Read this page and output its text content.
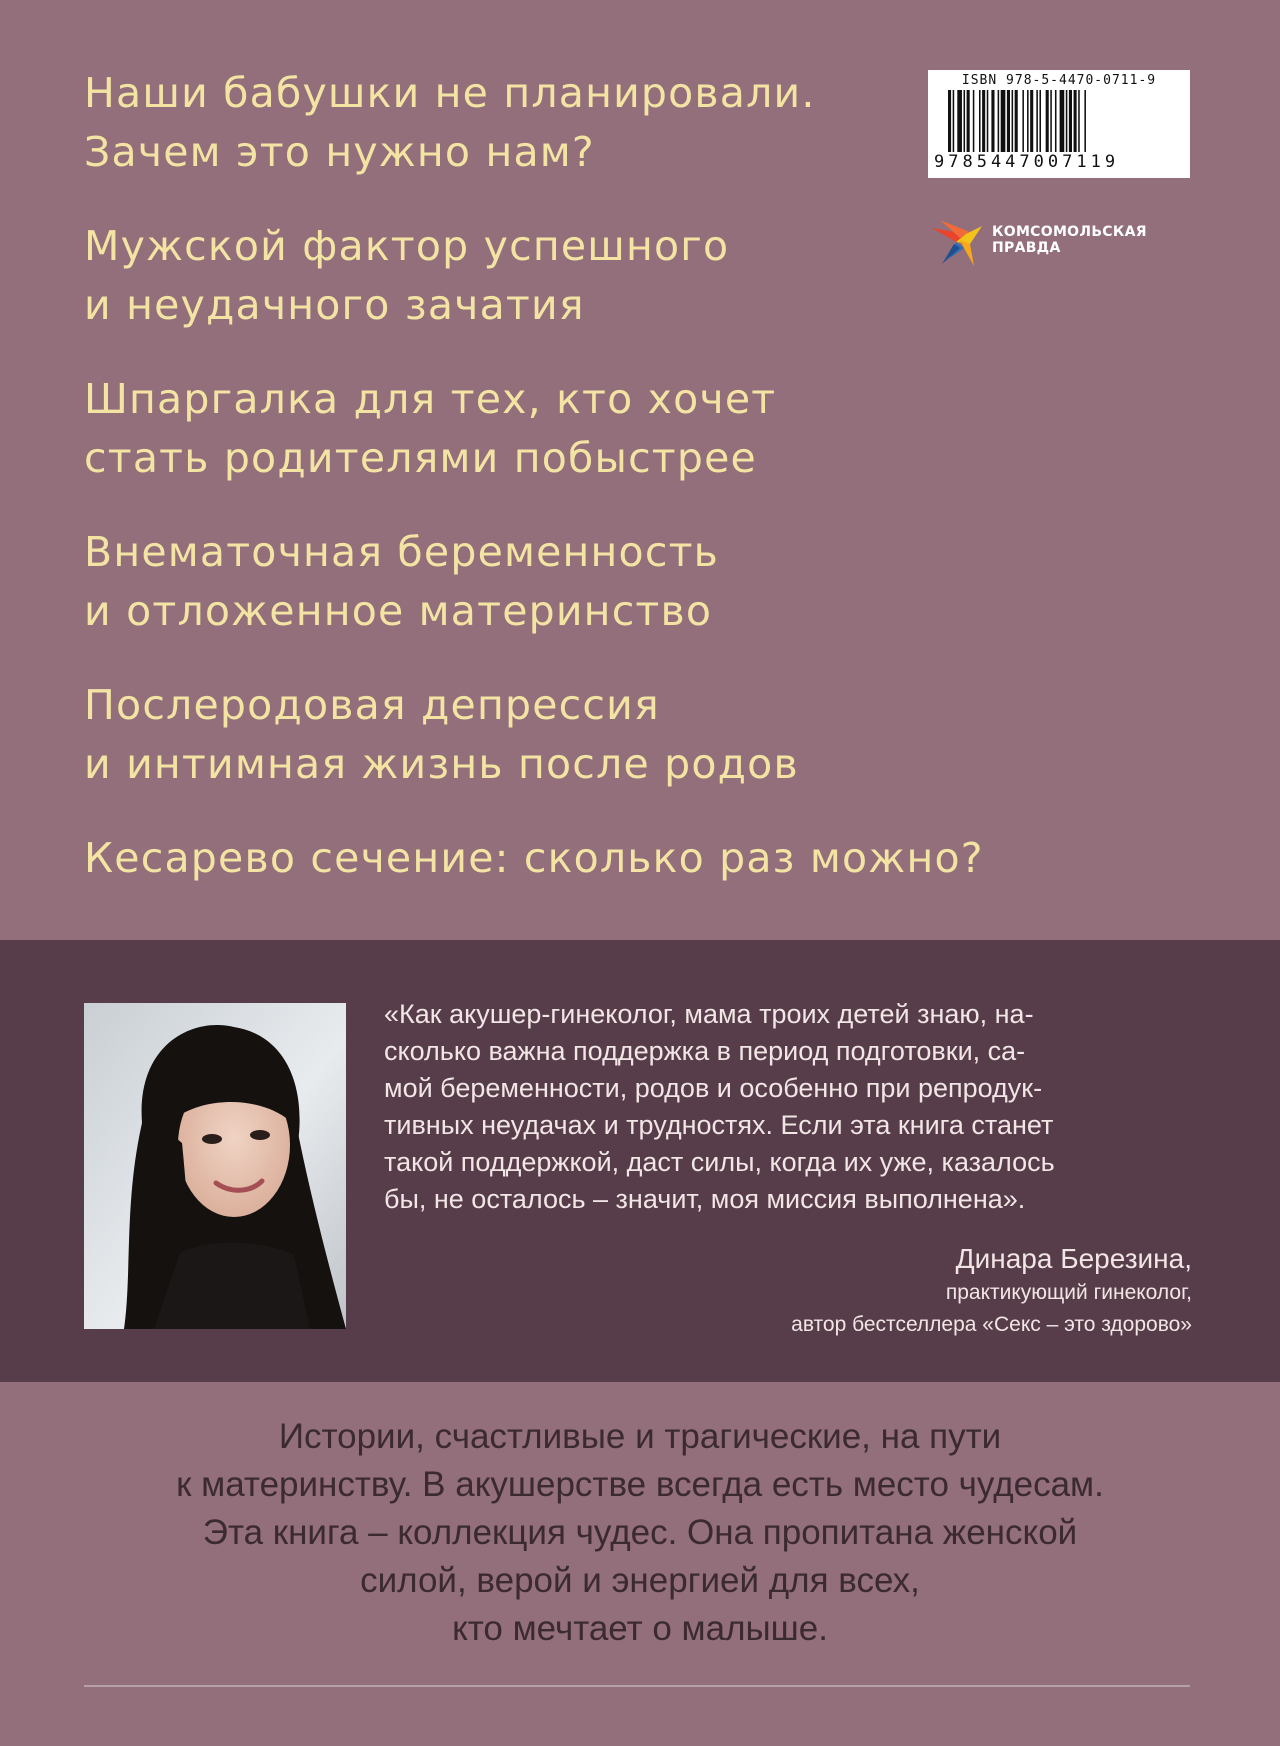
Наши бабушки не планировали.
Зачем это нужно нам?
Мужской фактор успешного
и неудачного зачатия
Шпаргалка для тех, кто хочет
стать родителями побыстрее
Внематочная беременность
и отложенное материнство
Послеродовая депрессия
и интимная жизнь после родов
Кесарево сечение: сколько раз можно?
ISBN 978-5-4470-0711-9
9785447007119
КОМСОМОЛЬСКАЯ
ПРАВДА
«Как акушер-гинеколог, мама троих детей знаю, на-
сколько важна поддержка в период подготовки, са-
мой беременности, родов и особенно при репродук-
тивных неудачах и трудностях. Если эта книга станет
такой поддержкой, даст силы, когда их уже, казалось
бы, не осталось – значит, моя миссия выполнена».
Динара Березина,
практикующий гинеколог,
автор бестселлера «Секс – это здорово»
Истории, счастливые и трагические, на пути
к материнству. В акушерстве всегда есть место чудесам.
Эта книга – коллекция чудес. Она пропитана женской
силой, верой и энергией для всех,
кто мечтает о малыше.
